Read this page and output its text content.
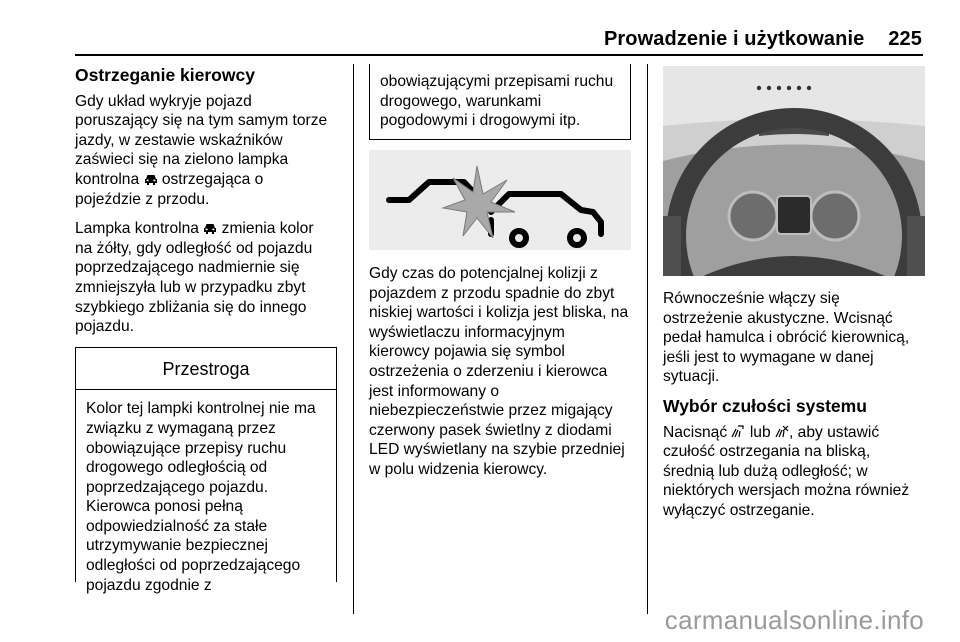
Prowadzenie i użytkowanie 225
Ostrzeganie kierowcy

Gdy układ wykryje pojazd
poruszający się na tym samym torze
jazdy, w zestawie wskaźników
zaświeci się na zielono lampka
kontrolna  ostrzegająca o
pojeździe z przodu.

Lampka kontrolna  zmienia kolor
na żółty, gdy odległość od pojazdu
poprzedzającego nadmiernie się
zmniejszyła lub w przypadku zbyt
szybkiego zbliżania się do innego
pojazdu.

Przestroga
Kolor tej lampki kontrolnej nie ma
związku z wymaganą przez
obowiązujące przepisy ruchu
drogowego odległością od
poprzedzającego pojazdu.
Kierowca ponosi pełną
odpowiedzialność za stałe
utrzymywanie bezpiecznej
odległości od poprzedzającego
pojazdu zgodnie z
obowiązującymi przepisami ruchu
drogowego, warunkami
pogodowymi i drogowymi itp.

Gdy czas do potencjalnej kolizji z
pojazdem z przodu spadnie do zbyt
niskiej wartości i kolizja jest bliska, na
wyświetlaczu informacyjnym
kierowcy pojawia się symbol
ostrzeżenia o zderzeniu i kierowca
jest informowany o
niebezpieczeństwie przez migający
czerwony pasek świetlny z diodami
LED wyświetlany na szybie przedniej
w polu widzenia kierowcy.

Równocześnie włączy się
ostrzeżenie akustyczne. Wcisnąć
pedał hamulca i obrócić kierownicą,
jeśli jest to wymagane w danej
sytuacji.

Wybór czułości systemu

Nacisnąć  lub , aby ustawić
czułość ostrzegania na bliską,
średnią lub dużą odległość; w
niektórych wersjach można również
wyłączyć ostrzeganie.

carmanualsonline.info
